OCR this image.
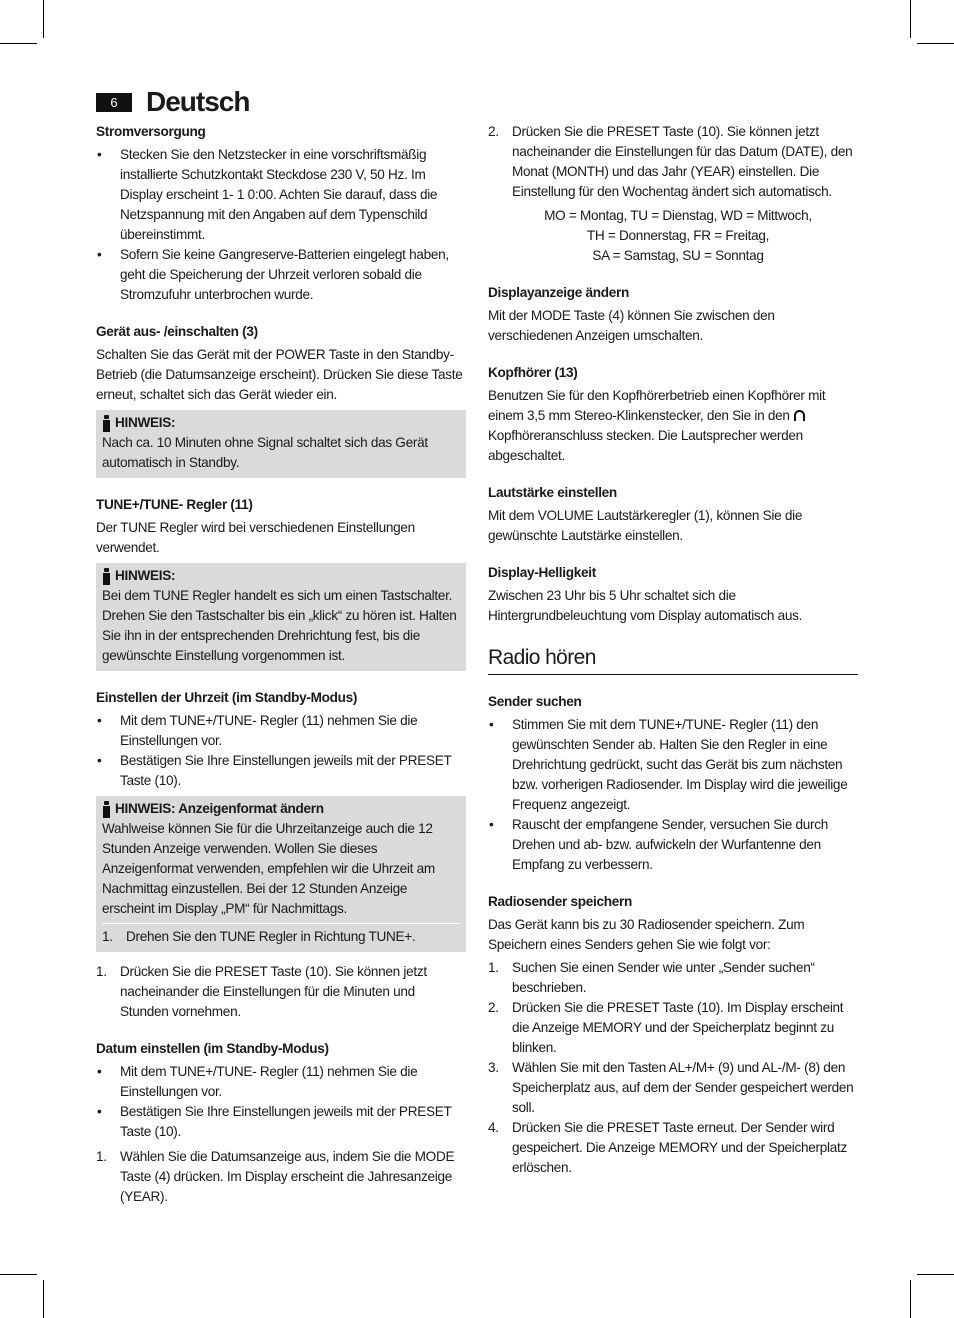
6	Deutsch
Stromversorgung
• Stecken Sie den Netzstecker in eine vorschriftsmäßig installierte Schutzkontakt Steckdose 230 V, 50 Hz. Im Display erscheint 1- 1 0:00. Achten Sie darauf, dass die Netzspannung mit den Angaben auf dem Typenschild übereinstimmt.
• Sofern Sie keine Gangreserve-Batterien eingelegt haben, geht die Speicherung der Uhrzeit verloren sobald die Stromzufuhr unterbrochen wurde.
Gerät aus- /einschalten (3)

Schalten Sie das Gerät mit der POWER Taste in den Standby-Betrieb (die Datumsanzeige erscheint). Drücken Sie diese Taste erneut, schaltet sich das Gerät wieder ein.

HINWEIS:
Nach ca. 10 Minuten ohne Signal schaltet sich das Gerät automatisch in Standby.
TUNE+/TUNE- Regler (11)

Der TUNE Regler wird bei verschiedenen Einstellungen verwendet.

HINWEIS:
Bei dem TUNE Regler handelt es sich um einen Tastschalter. Drehen Sie den Tastschalter bis ein „klick“ zu hören ist. Halten Sie ihn in der entsprechenden Drehrichtung fest, bis die gewünschte Einstellung vorgenommen ist.
Einstellen der Uhrzeit (im Standby-Modus)
• Mit dem TUNE+/TUNE- Regler (11) nehmen Sie die Einstellungen vor.
• Bestätigen Sie Ihre Einstellungen jeweils mit der PRESET Taste (10).
HINWEIS: Anzeigenformat ändern
Wahlweise können Sie für die Uhrzeitanzeige auch die 12 Stunden Anzeige verwenden. Wollen Sie dieses Anzeigenformat verwenden, empfehlen wir die Uhrzeit am Nachmittag einzustellen. Bei der 12 Stunden Anzeige erscheint im Display „PM“ für Nachmittags.
1. Drehen Sie den TUNE Regler in Richtung TUNE+.
1. Drücken Sie die PRESET Taste (10). Sie können jetzt nacheinander die Einstellungen für die Minuten und Stunden vornehmen.
Datum einstellen (im Standby-Modus)
• Mit dem TUNE+/TUNE- Regler (11) nehmen Sie die Einstellungen vor.
• Bestätigen Sie Ihre Einstellungen jeweils mit der PRESET Taste (10).
1. Wählen Sie die Datumsanzeige aus, indem Sie die MODE Taste (4) drücken. Im Display erscheint die Jahresanzeige (YEAR).
2. Drücken Sie die PRESET Taste (10). Sie können jetzt nacheinander die Einstellungen für das Datum (DATE), den Monat (MONTH) und das Jahr (YEAR) einstellen. Die Einstellung für den Wochentag ändert sich automatisch.
MO = Montag, TU = Dienstag, WD = Mittwoch,
TH = Donnerstag, FR = Freitag,
SA = Samstag, SU = Sonntag
Displayanzeige ändern

Mit der MODE Taste (4) können Sie zwischen den verschiedenen Anzeigen umschalten.

Kopfhörer (13)

Benutzen Sie für den Kopfhörerbetrieb einen Kopfhörer mit einem 3,5 mm Stereo-Klinkenstecker, den Sie in den  Kopfhöreranschluss stecken. Die Lautsprecher werden abgeschaltet.

Lautstärke einstellen

Mit dem VOLUME Lautstärkeregler (1), können Sie die gewünschte Lautstärke einstellen.

Display-Helligkeit

Zwischen 23 Uhr bis 5 Uhr schaltet sich die Hintergrundbeleuchtung vom Display automatisch aus.

Radio hören
Sender suchen
• Stimmen Sie mit dem TUNE+/TUNE- Regler (11) den gewünschten Sender ab. Halten Sie den Regler in eine Drehrichtung gedrückt, sucht das Gerät bis zum nächsten bzw. vorherigen Radiosender. Im Display wird die jeweilige Frequenz angezeigt.
• Rauscht der empfangene Sender, versuchen Sie durch Drehen und ab- bzw. aufwickeln der Wurfantenne den Empfang zu verbessern.
Radiosender speichern

Das Gerät kann bis zu 30 Radiosender speichern. Zum Speichern eines Senders gehen Sie wie folgt vor:

1. Suchen Sie einen Sender wie unter „Sender suchen“ beschrieben.
2. Drücken Sie die PRESET Taste (10). Im Display erscheint die Anzeige MEMORY und der Speicherplatz beginnt zu blinken.
3. Wählen Sie mit den Tasten AL+/M+ (9) und AL-/M- (8) den Speicherplatz aus, auf dem der Sender gespeichert werden soll.
4. Drücken Sie die PRESET Taste erneut. Der Sender wird gespeichert. Die Anzeige MEMORY und der Speicherplatz erlöschen.
